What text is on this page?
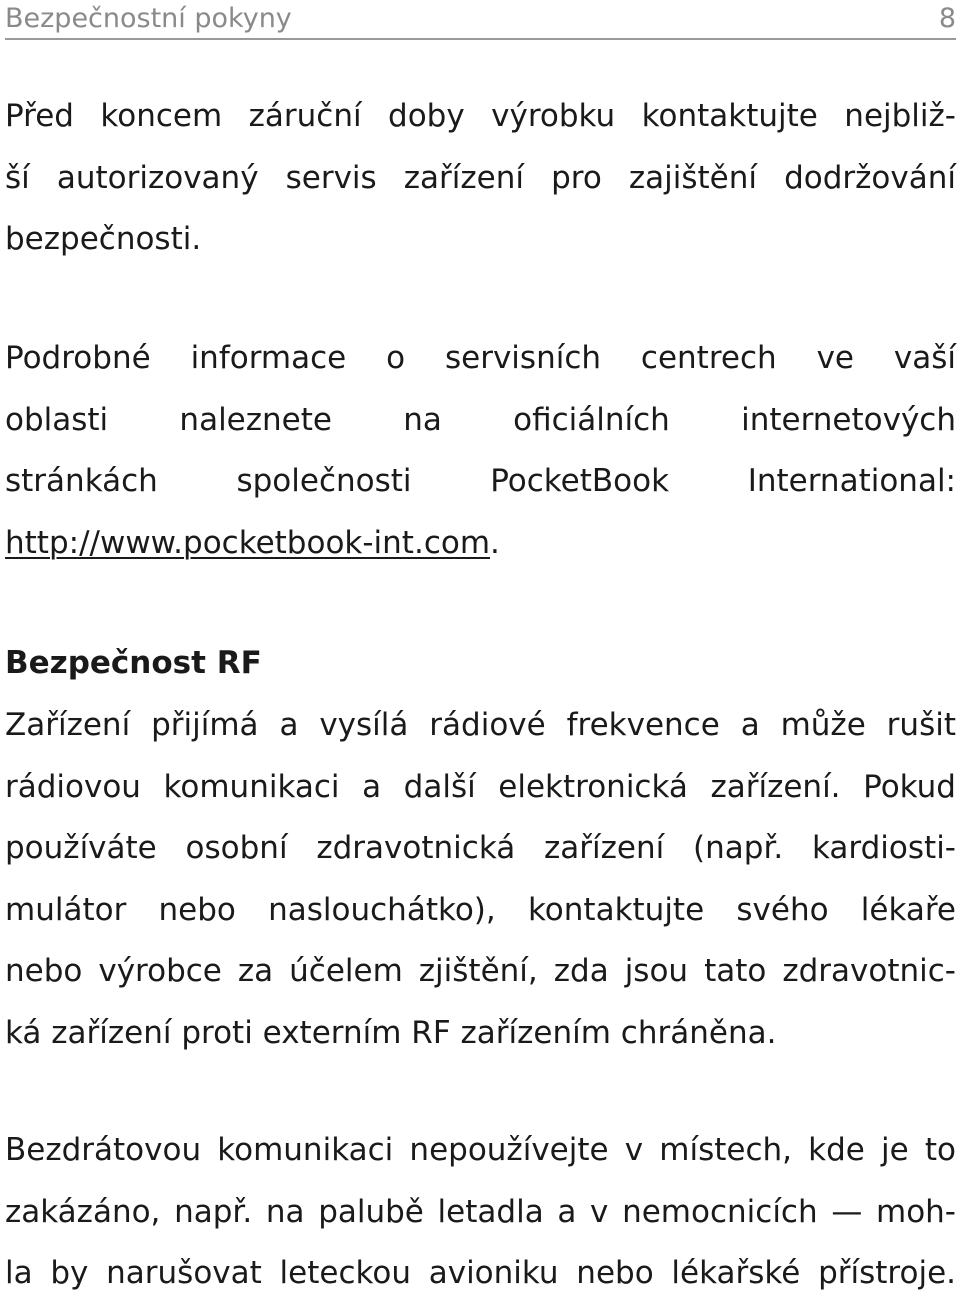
Bezpečnostní pokyny	8
Před koncem záruční doby výrobku kontaktujte nejbliž-
ší autorizovaný servis zařízení pro zajištění dodržování
bezpečnosti.
Podrobné informace o servisních centrech ve vaší
oblasti naleznete na oficiálních internetových
stránkách společnosti PocketBook International:
http://www.pocketbook-int.com.
Bezpečnost RF
Zařízení přijímá a vysílá rádiové frekvence a může rušit
rádiovou komunikaci a další elektronická zařízení. Pokud
používáte osobní zdravotnická zařízení (např. kardiosti-
mulátor nebo naslouchátko), kontaktujte svého lékaře
nebo výrobce za účelem zjištění, zda jsou tato zdravotnic-
ká zařízení proti externím RF zařízením chráněna.
Bezdrátovou komunikaci nepoužívejte v místech, kde je to
zakázáno, např. na palubě letadla a v nemocnicích — moh-
la by narušovat leteckou avioniku nebo lékařské přístroje.
